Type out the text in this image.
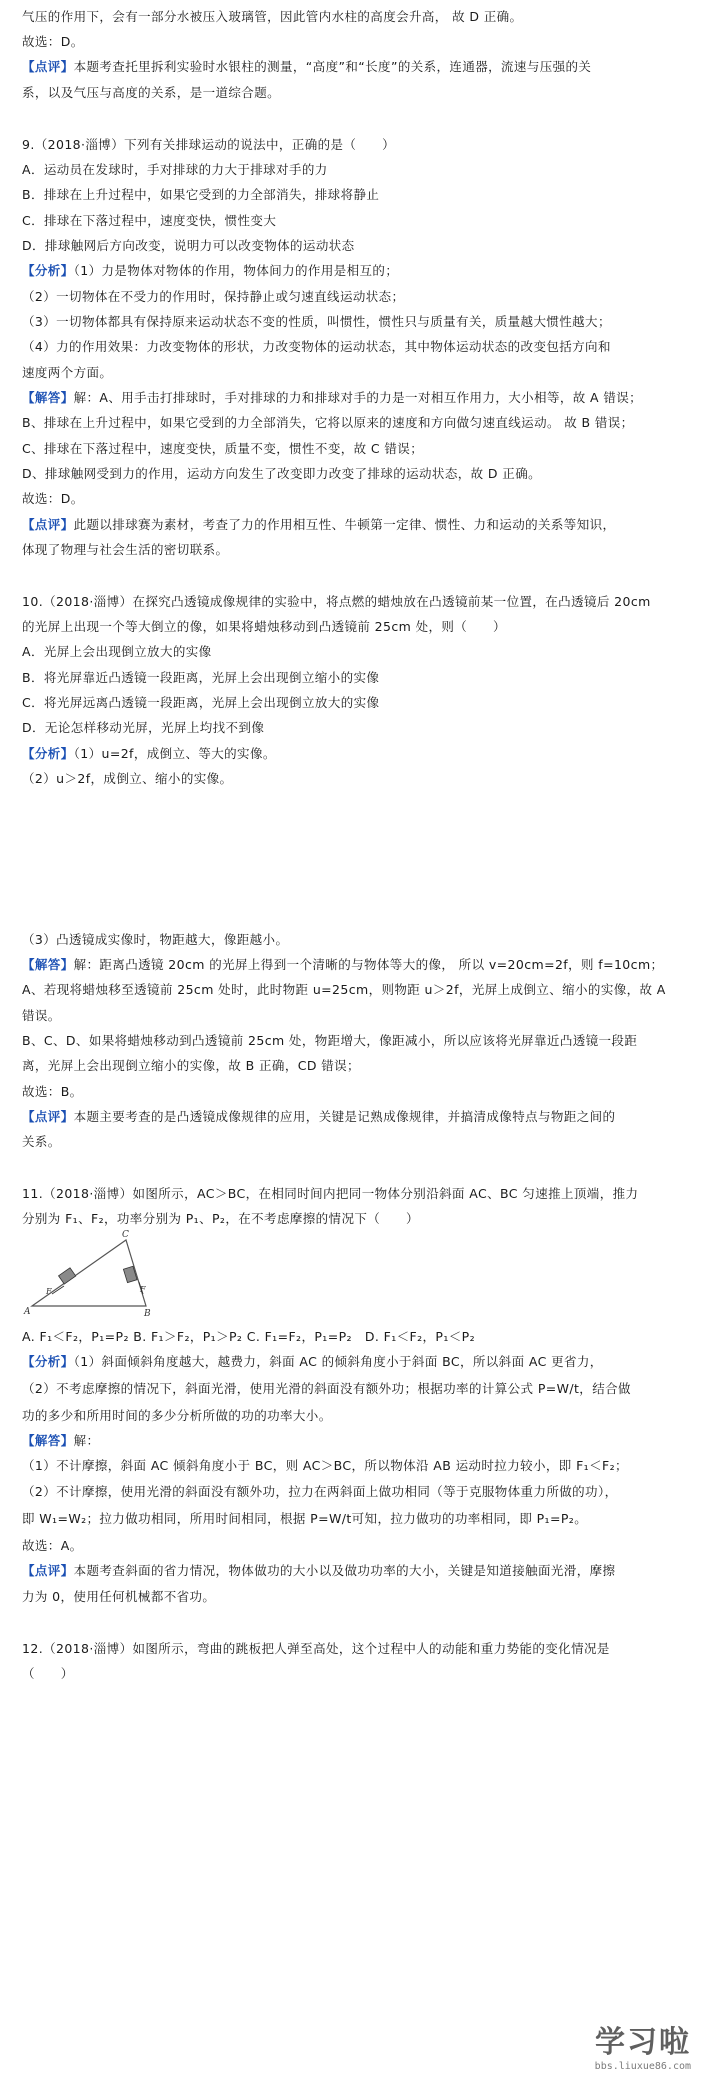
气压的作用下，会有一部分水被压入玻璃管，因此管内水柱的高度会升高， 故 D 正确。
故选：D。
【点评】本题考查托里拆利实验时水银柱的测量，“高度”和“长度”的关系，连通器，流速与压强的关
系，以及气压与高度的关系，是一道综合题。
9.（2018·淄博）下列有关排球运动的说法中，正确的是（　　）
A．运动员在发球时，手对排球的力大于排球对手的力
B．排球在上升过程中，如果它受到的力全部消失，排球将静止
C．排球在下落过程中，速度变快，惯性变大
D．排球触网后方向改变，说明力可以改变物体的运动状态
【分析】（1）力是物体对物体的作用，物体间力的作用是相互的；
（2）一切物体在不受力的作用时，保持静止或匀速直线运动状态；
（3）一切物体都具有保持原来运动状态不变的性质，叫惯性，惯性只与质量有关，质量越大惯性越大；
（4）力的作用效果：力改变物体的形状，力改变物体的运动状态，其中物体运动状态的改变包括方向和
速度两个方面。
【解答】解：A、用手击打排球时，手对排球的力和排球对手的力是一对相互作用力，大小相等，故 A 错误；
B、排球在上升过程中，如果它受到的力全部消失，它将以原来的速度和方向做匀速直线运动。 故 B 错误；
C、排球在下落过程中，速度变快，质量不变，惯性不变，故 C 错误；
D、排球触网受到力的作用，运动方向发生了改变即力改变了排球的运动状态，故 D 正确。
故选：D。
【点评】此题以排球赛为素材，考查了力的作用相互性、牛顿第一定律、惯性、力和运动的关系等知识，
体现了物理与社会生活的密切联系。
10.（2018·淄博）在探究凸透镜成像规律的实验中，将点燃的蜡烛放在凸透镜前某一位置，在凸透镜后 20cm
的光屏上出现一个等大倒立的像，如果将蜡烛移动到凸透镜前 25cm 处，则（　　）
A．光屏上会出现倒立放大的实像
B．将光屏靠近凸透镜一段距离，光屏上会出现倒立缩小的实像
C．将光屏远离凸透镜一段距离，光屏上会出现倒立放大的实像
D．无论怎样移动光屏，光屏上均找不到像
【分析】（1）u=2f，成倒立、等大的实像。
（2）u＞2f，成倒立、缩小的实像。
（3）凸透镜成实像时，物距越大，像距越小。
【解答】解：距离凸透镜 20cm 的光屏上得到一个清晰的与物体等大的像， 所以 v=20cm=2f，则 f=10cm；
A、若现将蜡烛移至透镜前 25cm 处时，此时物距 u=25cm，则物距 u＞2f，光屏上成倒立、缩小的实像，故 A
错误。
B、C、D、如果将蜡烛移动到凸透镜前 25cm 处，物距增大，像距减小，所以应该将光屏靠近凸透镜一段距
离，光屏上会出现倒立缩小的实像，故 B 正确，CD 错误；
故选：B。
【点评】本题主要考查的是凸透镜成像规律的应用，关键是记熟成像规律，并搞清成像特点与物距之间的
关系。
11.（2018·淄博）如图所示，AC＞BC，在相同时间内把同一物体分别沿斜面 AC、BC 匀速推上顶端，推力
分别为 F₁、F₂，功率分别为 P₁、P₂，在不考虑摩擦的情况下（　　）
A. F₁＜F₂，P₁=P₂ B. F₁＞F₂，P₁＞P₂ C. F₁=F₂，P₁=P₂　D. F₁＜F₂，P₁＜P₂
【分析】（1）斜面倾斜角度越大，越费力，斜面 AC 的倾斜角度小于斜面 BC，所以斜面 AC 更省力，
（2）不考虑摩擦的情况下，斜面光滑，使用光滑的斜面没有额外功；根据功率的计算公式 P=W/t，结合做
功的多少和所用时间的多少分析所做的功的功率大小。
【解答】解：
（1）不计摩擦，斜面 AC 倾斜角度小于 BC，则 AC＞BC，所以物体沿 AB 运动时拉力较小，即 F₁＜F₂；
（2）不计摩擦，使用光滑的斜面没有额外功，拉力在两斜面上做功相同（等于克服物体重力所做的功），
即 W₁=W₂；拉力做功相同，所用时间相同，根据 P=W/t可知，拉力做功的功率相同，即 P₁=P₂。
故选：A。
【点评】本题考查斜面的省力情况，物体做功的大小以及做功功率的大小，关键是知道接触面光滑，摩擦
力为 0，使用任何机械都不省功。
12.（2018·淄博）如图所示，弯曲的跳板把人弹至高处，这个过程中人的动能和重力势能的变化情况是
（　　）
A
C
B
F	F
学习啦
bbs.liuxue86.com
